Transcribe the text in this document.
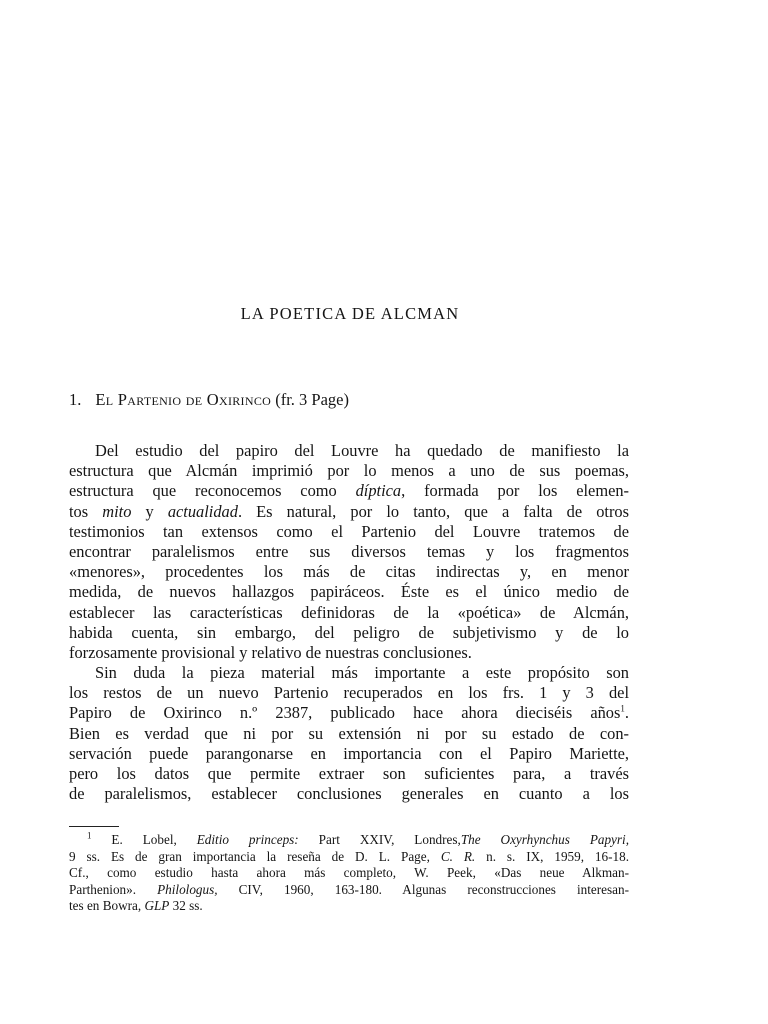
LA POETICA DE ALCMAN
1. El Partenio de Oxirinco (fr. 3 Page)
Del estudio del papiro del Louvre ha quedado de manifiesto la
estructura que Alcmán imprimió por lo menos a uno de sus poemas,
estructura que reconocemos como díptica, formada por los elemen-
tos mito y actualidad. Es natural, por lo tanto, que a falta de otros
testimonios tan extensos como el Partenio del Louvre tratemos de
encontrar paralelismos entre sus diversos temas y los fragmentos
«menores», procedentes los más de citas indirectas y, en menor
medida, de nuevos hallazgos papiráceos. Éste es el único medio de
establecer las características definidoras de la «poética» de Alcmán,
habida cuenta, sin embargo, del peligro de subjetivismo y de lo
forzosamente provisional y relativo de nuestras conclusiones.
Sin duda la pieza material más importante a este propósito son
los restos de un nuevo Partenio recuperados en los frs. 1 y 3 del
Papiro de Oxirinco n.º 2387, publicado hace ahora dieciséis años$^1$.
Bien es verdad que ni por su extensión ni por su estado de con-
servación puede parangonarse en importancia con el Papiro Mariette,
pero los datos que permite extraer son suficientes para, a través
de paralelismos, establecer conclusiones generales en cuanto a los
$^1$ E. Lobel, Editio princeps: Part XXIV, Londres,The Oxyrhynchus Papyri,
9 ss. Es de gran importancia la reseña de D. L. Page, C. R. n. s. IX, 1959, 16-18.
Cf., como estudio hasta ahora más completo, W. Peek, «Das neue Alkman-
Parthenion». Philologus, CIV, 1960, 163-180. Algunas reconstrucciones interesan-
tes en Bowra, GLP 32 ss.
